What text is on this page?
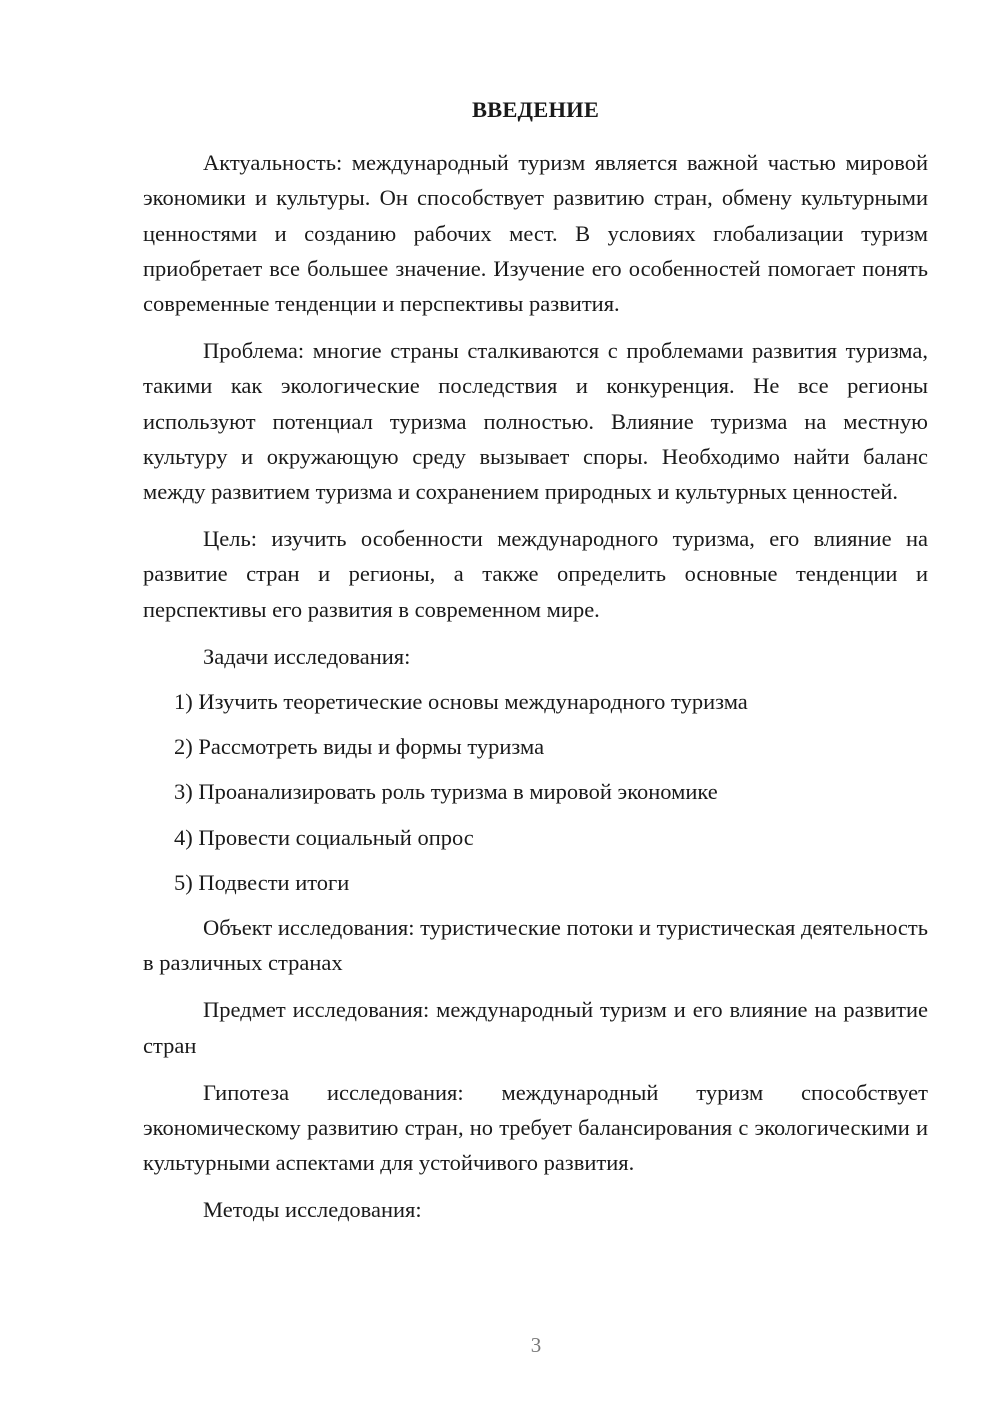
ВВЕДЕНИЕ

Актуальность: международный туризм является важной частью мировой экономики и культуры. Он способствует развитию стран, обмену культурными ценностями и созданию рабочих мест. В условиях глобализации туризм приобретает все большее значение. Изучение его особенностей помогает понять современные тенденции и перспективы развития.

Проблема: многие страны сталкиваются с проблемами развития туризма, такими как экологические последствия и конкуренция. Не все регионы используют потенциал туризма полностью. Влияние туризма на местную культуру и окружающую среду вызывает споры. Необходимо найти баланс между развитием туризма и сохранением природных и культурных ценностей.

Цель: изучить особенности международного туризма, его влияние на развитие стран и регионы, а также определить основные тенденции и перспективы его развития в современном мире.

Задачи исследования:

1) Изучить теоретические основы международного туризма
2) Рассмотреть виды и формы туризма
3) Проанализировать роль туризма в мировой экономике
4) Провести социальный опрос
5) Подвести итоги

Объект исследования: туристические потоки и туристическая деятельность в различных странах

Предмет исследования: международный туризм и его влияние на развитие стран

Гипотеза исследования: международный туризм способствует экономическому развитию стран, но требует балансирования с экологическими и культурными аспектами для устойчивого развития.

Методы исследования:

3
